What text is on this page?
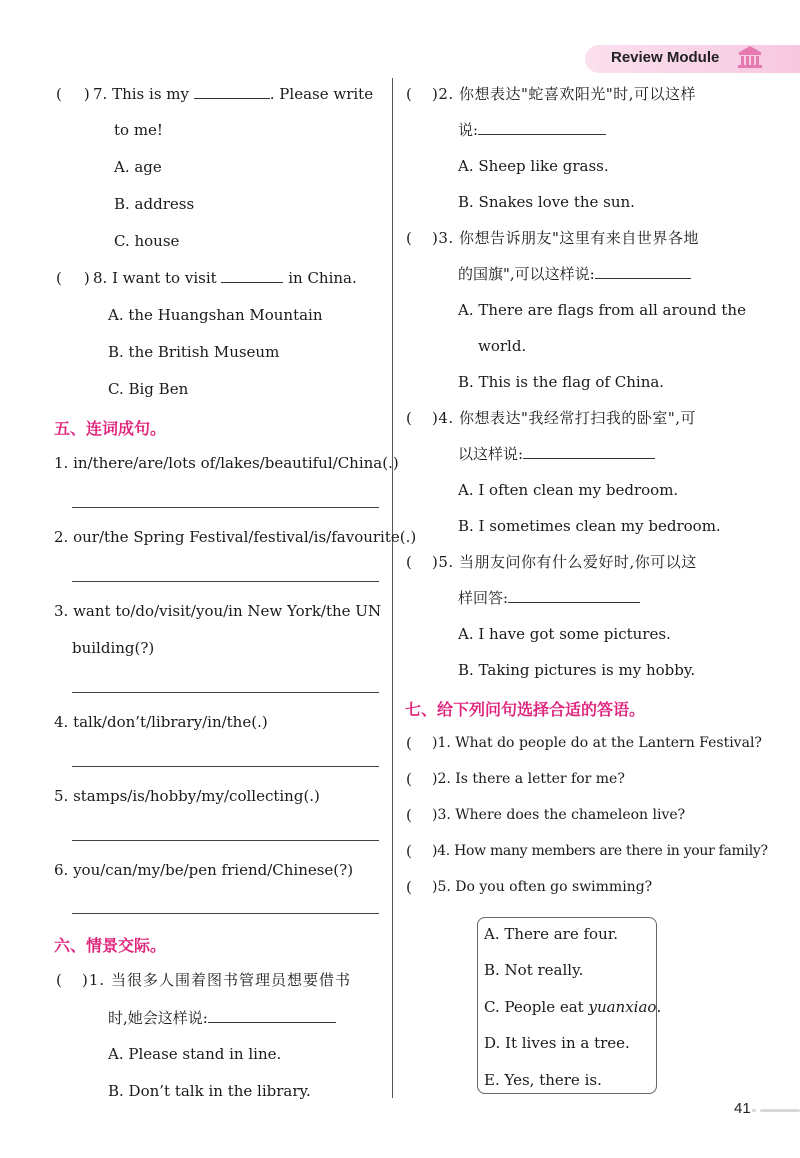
Review Module
( ) 7. This is my	. Please write
to me!
A. age
B. address
C. house
( ) 8. I want to visit	in China.
A. the Huangshan Mountain
B. the British Museum
C. Big Ben
五、连词成句。
1. in/there/are/lots of/lakes/beautiful/China(.)
2. our/the Spring Festival/festival/is/favourite(.)
3. want to/do/visit/you/in New York/the UN
building(?)
4. talk/don’t/library/in/the(.)
5. stamps/is/hobby/my/collecting(.)
6. you/can/my/be/pen friend/Chinese(?)
六、情景交际。
( )1. 当很多人围着图书管理员想要借书
时,她会这样说:
A. Please stand in line.
B. Don’t talk in the library.
( )2. 你想表达"蛇喜欢阳光"时,可以这样
说:
A. Sheep like grass.
B. Snakes love the sun.
( )3. 你想告诉朋友"这里有来自世界各地
的国旗",可以这样说:
A. There are flags from all around the
world.
B. This is the flag of China.
( )4. 你想表达"我经常打扫我的卧室",可
以这样说:
A. I often clean my bedroom.
B. I sometimes clean my bedroom.
( )5. 当朋友问你有什么爱好时,你可以这
样回答:
A. I have got some pictures.
B. Taking pictures is my hobby.
七、给下列问句选择合适的答语。
( )1. What do people do at the Lantern Festival?
( )2. Is there a letter for me?
( )3. Where does the chameleon live?
( )4. How many members are there in your family?
( )5. Do you often go swimming?
A. There are four.
B. Not really.
C. People eat yuanxiao.
D. It lives in a tree.
E. Yes, there is.
41
